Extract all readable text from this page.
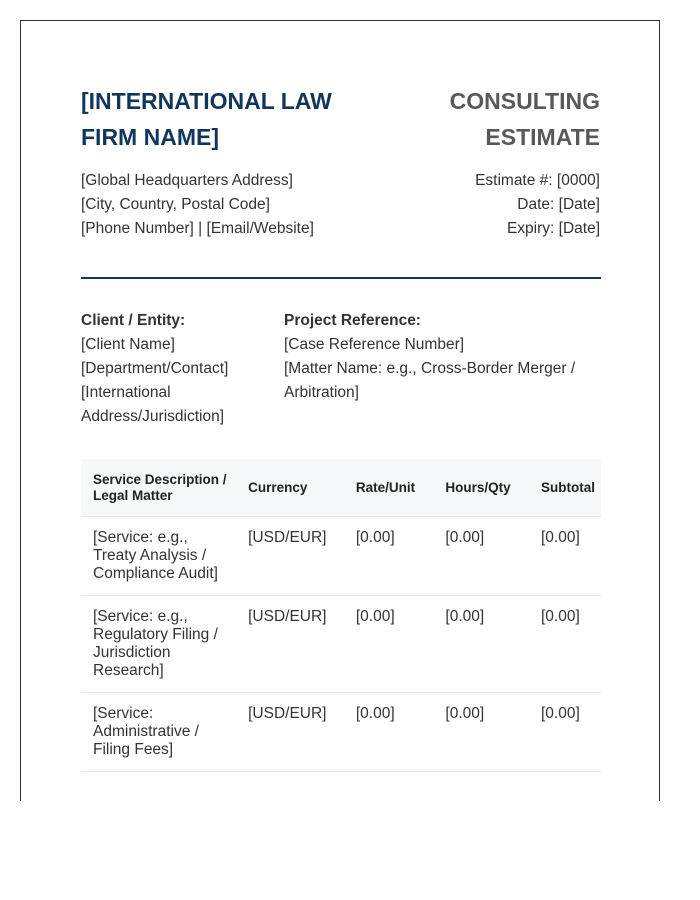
[INTERNATIONAL LAW FIRM NAME]
CONSULTING ESTIMATE
[Global Headquarters Address]
[City, Country, Postal Code]
[Phone Number] | [Email/Website]
Estimate #: [0000]
Date: [Date]
Expiry: [Date]
Client / Entity:
[Client Name]
[Department/Contact]
[International Address/Jurisdiction]
Project Reference:
[Case Reference Number]
[Matter Name: e.g., Cross-Border Merger / Arbitration]
Service Description / Legal Matter	Currency	Rate/Unit	Hours/Qty	Subtotal
[Service: e.g., Treaty Analysis / Compliance Audit]	[USD/EUR]	[0.00]	[0.00]	[0.00]
[Service: e.g., Regulatory Filing / Jurisdiction Research]	[USD/EUR]	[0.00]	[0.00]	[0.00]
[Service: Administrative / Filing Fees]	[USD/EUR]	[0.00]	[0.00]	[0.00]
